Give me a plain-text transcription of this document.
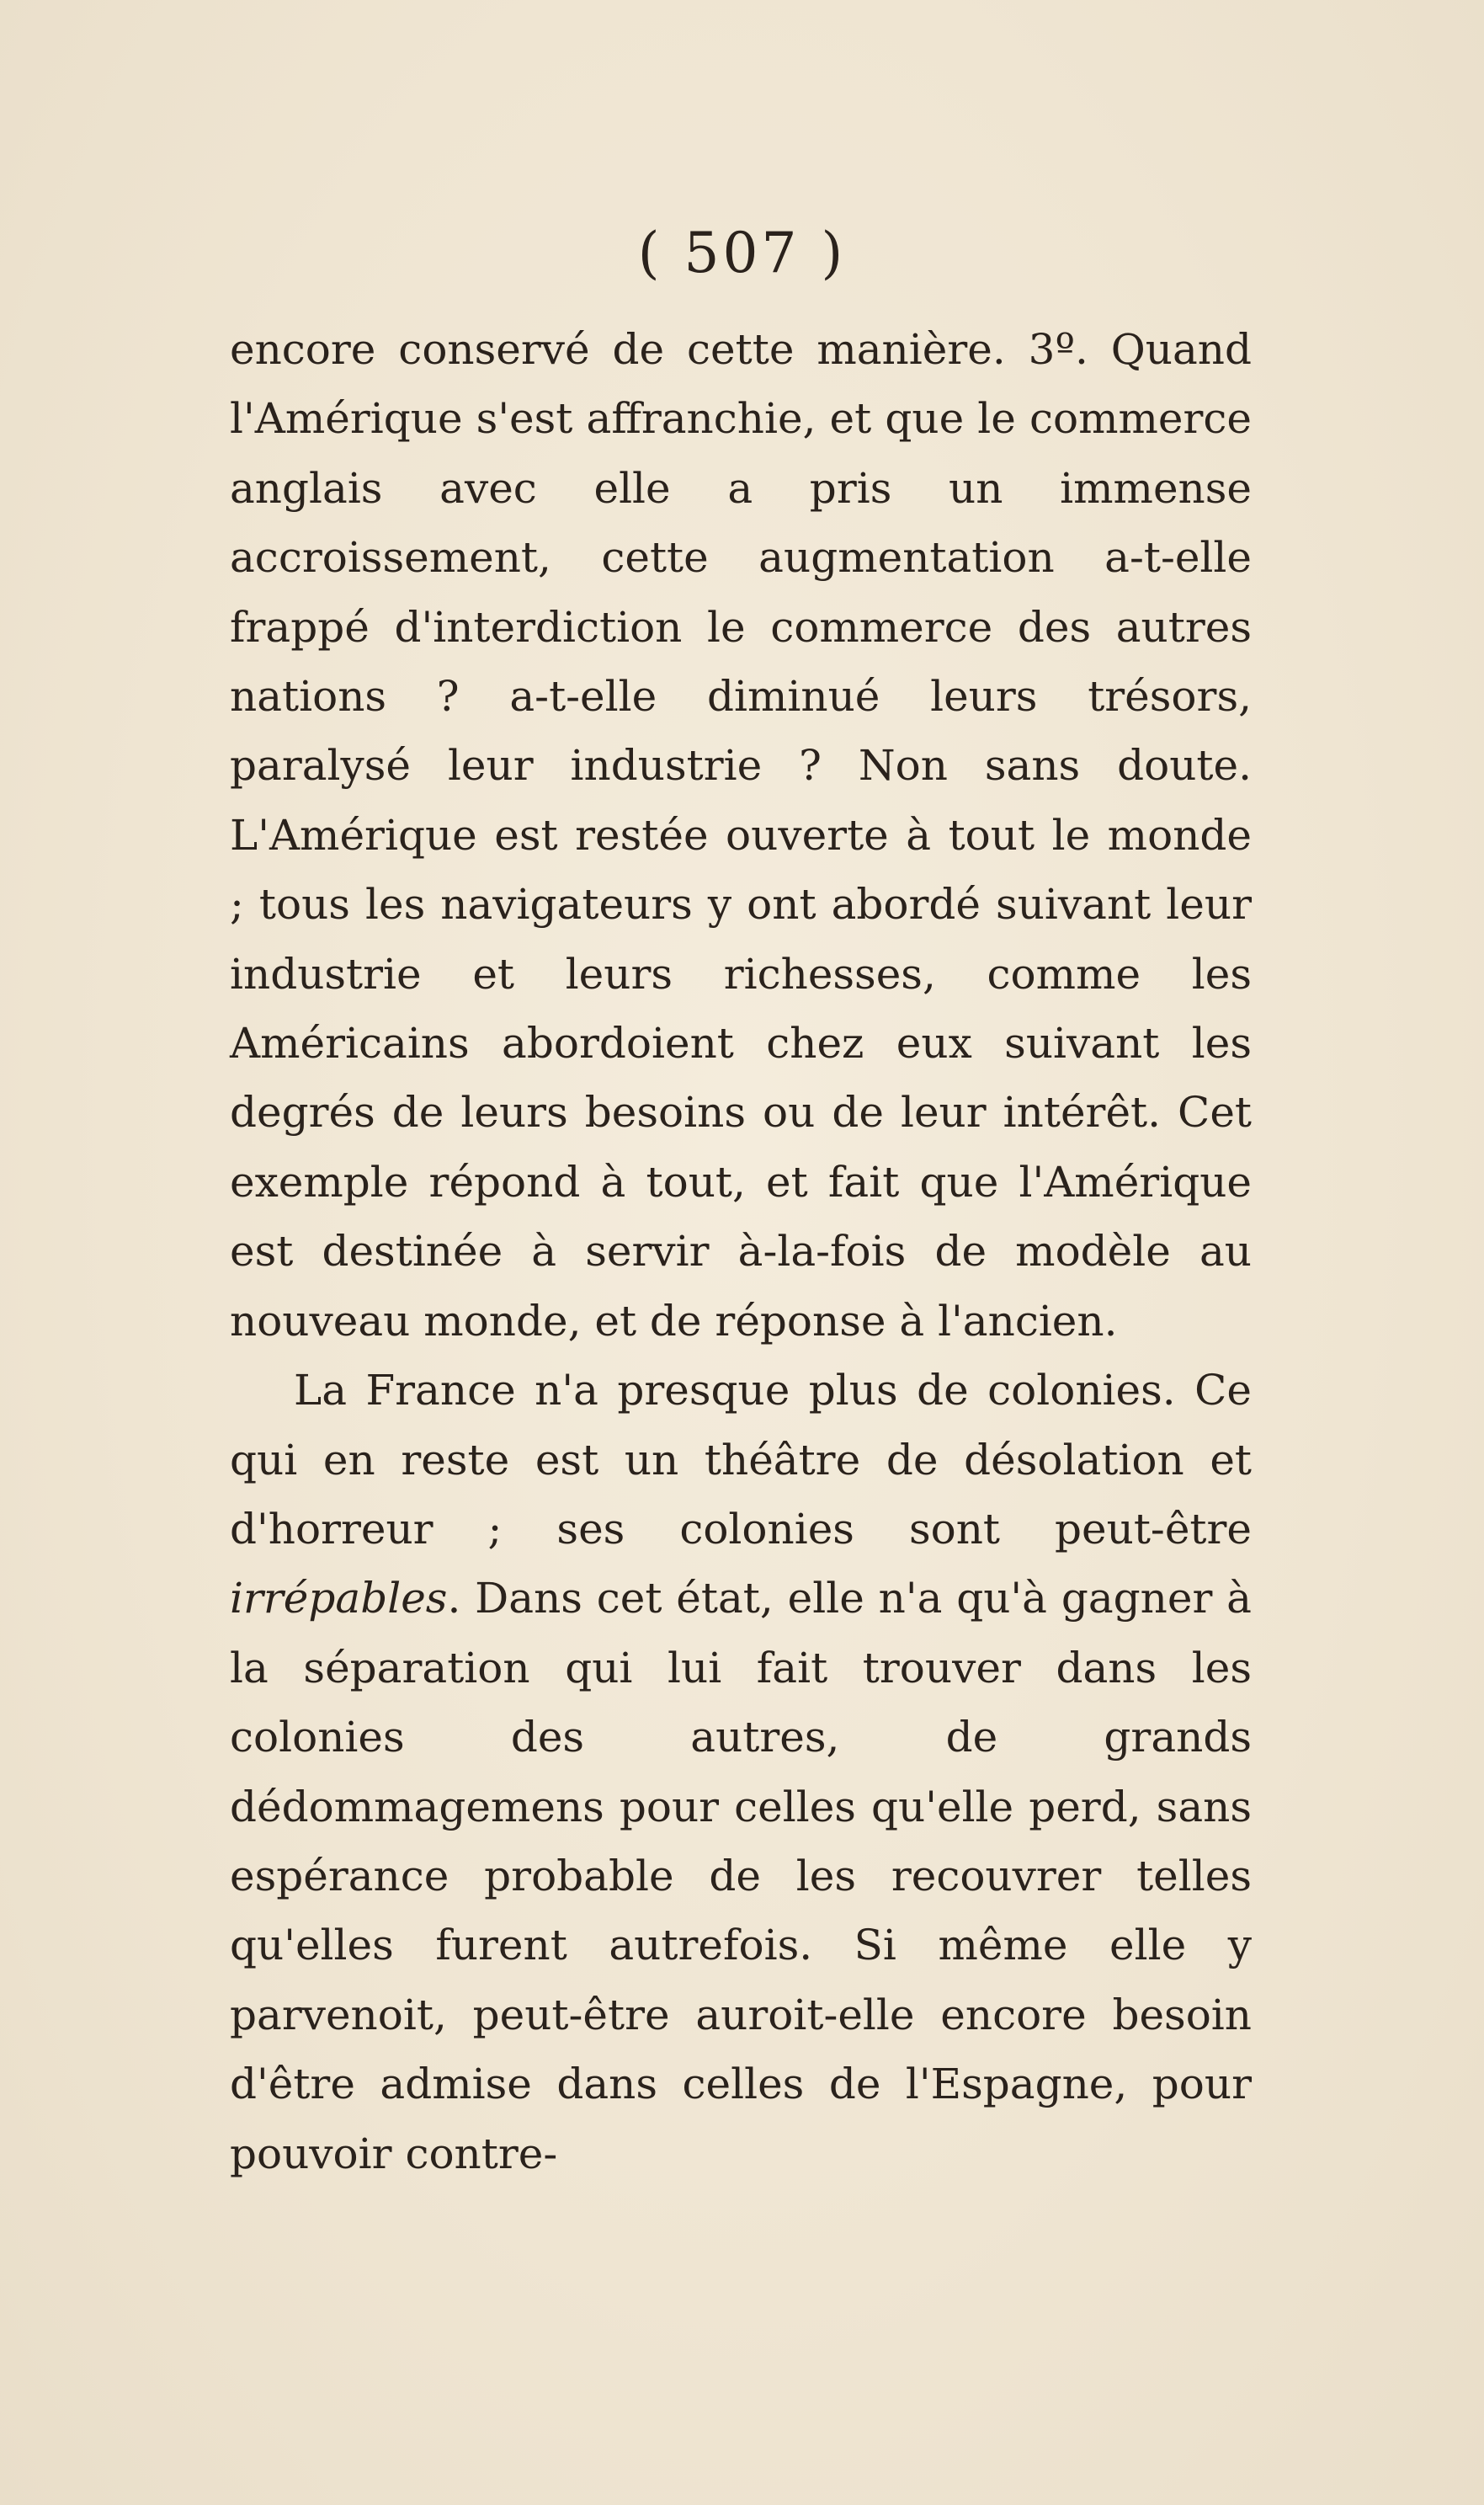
( 507 )

encore conservé de cette manière. 3º. Quand l'Amérique s'est affranchie, et que le commerce anglais avec elle a pris un immense accroissement, cette augmentation a-t-elle frappé d'interdiction le commerce des autres nations ? a-t-elle diminué leurs trésors, paralysé leur industrie ? Non sans doute. L'Amérique est restée ouverte à tout le monde ; tous les navigateurs y ont abordé suivant leur industrie et leurs richesses, comme les Américains abordoient chez eux suivant les degrés de leurs besoins ou de leur intérêt. Cet exemple répond à tout, et fait que l'Amérique est destinée à servir à-la-fois de modèle au nouveau monde, et de réponse à l'ancien.

La France n'a presque plus de colonies. Ce qui en reste est un théâtre de désolation et d'horreur ; ses colonies sont peut-être irrépables. Dans cet état, elle n'a qu'à gagner à la séparation qui lui fait trouver dans les colonies des autres, de grands dédommagemens pour celles qu'elle perd, sans espérance probable de les recouvrer telles qu'elles furent autrefois. Si même elle y parvenoit, peut-être auroit-elle encore besoin d'être admise dans celles de l'Espagne, pour pouvoir contre-
